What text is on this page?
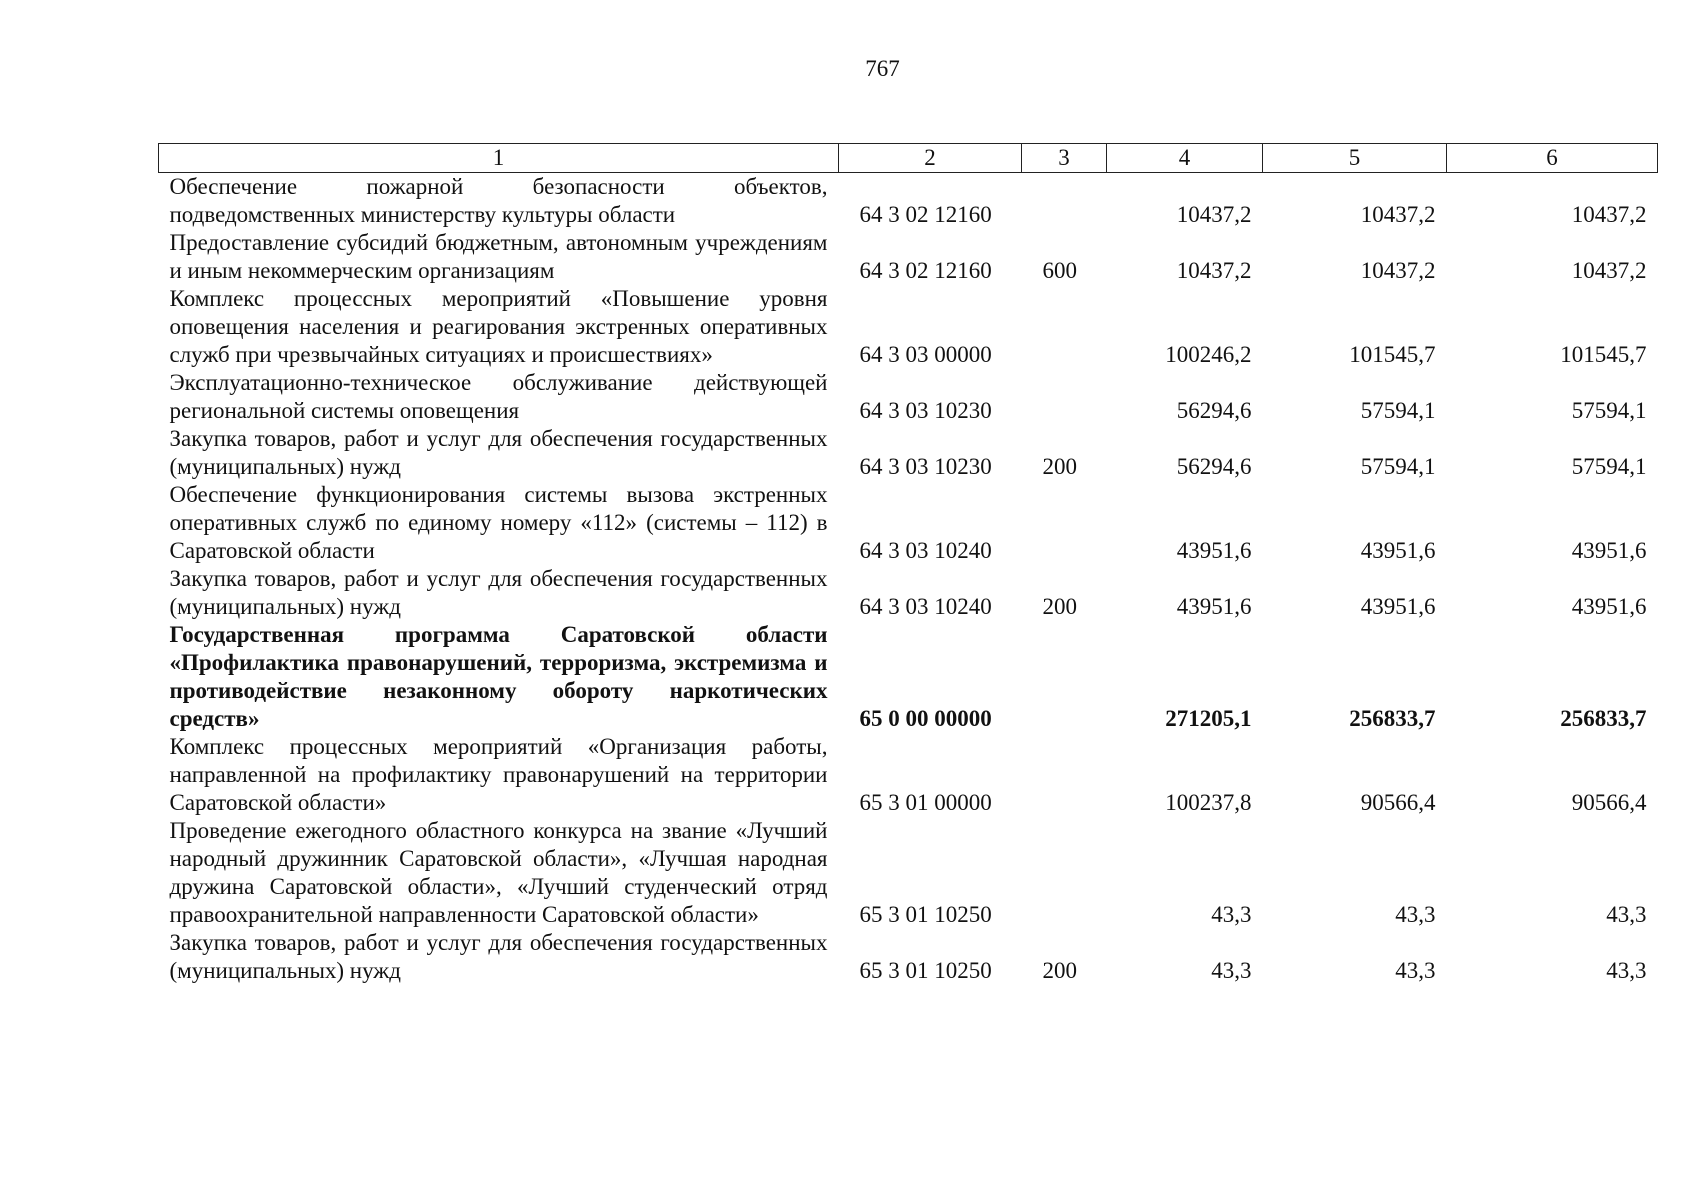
767
1	2	3	4	5	6
Обеспечение пожарной безопасности объектов, подведомственных министерству культуры области	64 3 02 12160		10437,2	10437,2	10437,2
Предоставление субсидий бюджетным, автономным учреждениям и иным некоммерческим организациям	64 3 02 12160	600	10437,2	10437,2	10437,2
Комплекс процессных мероприятий «Повышение уровня оповещения населения и реагирования экстренных оперативных служб при чрезвычайных ситуациях и происшествиях»	64 3 03 00000		100246,2	101545,7	101545,7
Эксплуатационно-техническое обслуживание действующей региональной системы оповещения	64 3 03 10230		56294,6	57594,1	57594,1
Закупка товаров, работ и услуг для обеспечения государственных (муниципальных) нужд	64 3 03 10230	200	56294,6	57594,1	57594,1
Обеспечение функционирования системы вызова экстренных оперативных служб по единому номеру «112» (системы – 112) в Саратовской области	64 3 03 10240		43951,6	43951,6	43951,6
Закупка товаров, работ и услуг для обеспечения государственных (муниципальных) нужд	64 3 03 10240	200	43951,6	43951,6	43951,6
Государственная программа Саратовской области «Профилактика правонарушений, терроризма, экстремизма и противодействие незаконному обороту наркотических средств»	65 0 00 00000		271205,1	256833,7	256833,7
Комплекс процессных мероприятий «Организация работы, направленной на профилактику правонарушений на территории Саратовской области»	65 3 01 00000		100237,8	90566,4	90566,4
Проведение ежегодного областного конкурса на звание «Лучший народный дружинник Саратовской области», «Лучшая народная дружина Саратовской области», «Лучший студенческий отряд правоохранительной направленности Саратовской области»	65 3 01 10250		43,3	43,3	43,3
Закупка товаров, работ и услуг для обеспечения государственных (муниципальных) нужд	65 3 01 10250	200	43,3	43,3	43,3
